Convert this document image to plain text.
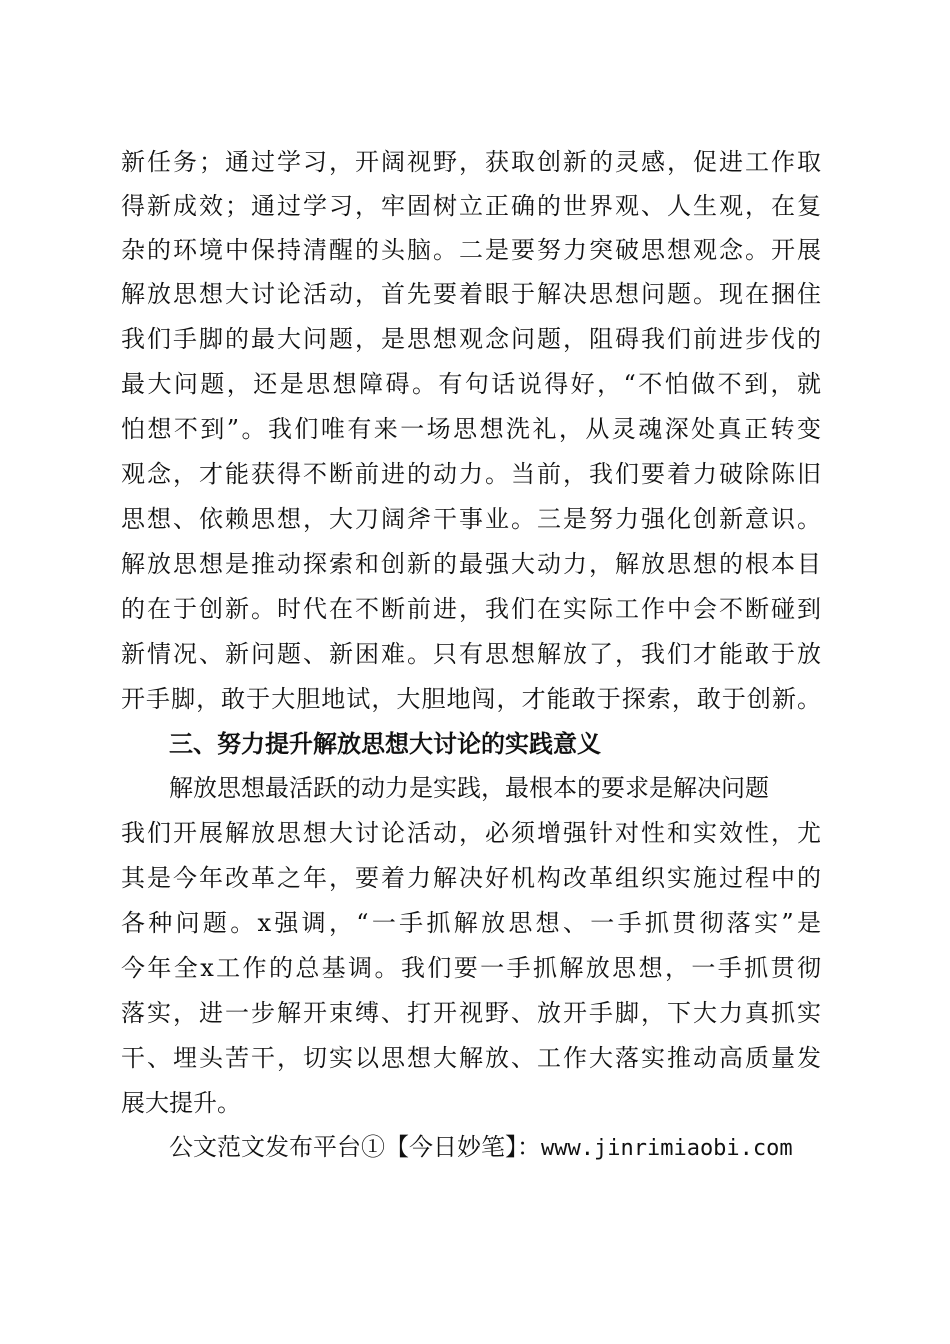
新任务；通过学习，开阔视野，获取创新的灵感，促进工作取
得新成效；通过学习，牢固树立正确的世界观、人生观，在复
杂的环境中保持清醒的头脑。二是要努力突破思想观念。开展
解放思想大讨论活动，首先要着眼于解决思想问题。现在捆住
我们手脚的最大问题，是思想观念问题，阻碍我们前进步伐的
最大问题，还是思想障碍。有句话说得好，“不怕做不到，就
怕想不到”。我们唯有来一场思想洗礼，从灵魂深处真正转变
观念，才能获得不断前进的动力。当前，我们要着力破除陈旧
思想、依赖思想，大刀阔斧干事业。三是努力强化创新意识。
解放思想是推动探索和创新的最强大动力，解放思想的根本目
的在于创新。时代在不断前进，我们在实际工作中会不断碰到
新情况、新问题、新困难。只有思想解放了，我们才能敢于放
开手脚，敢于大胆地试，大胆地闯，才能敢于探索，敢于创新。
三、努力提升解放思想大讨论的实践意义
解放思想最活跃的动力是实践，最根本的要求是解决问题
我们开展解放思想大讨论活动，必须增强针对性和实效性，尤
其是今年改革之年，要着力解决好机构改革组织实施过程中的
各种问题。x强调，“一手抓解放思想、一手抓贯彻落实”是
今年全x工作的总基调。我们要一手抓解放思想，一手抓贯彻
落实，进一步解开束缚、打开视野、放开手脚，下大力真抓实
干、埋头苦干，切实以思想大解放、工作大落实推动高质量发
展大提升。
公文范文发布平台①【今日妙笔】：www.jinrimiaobi.com
